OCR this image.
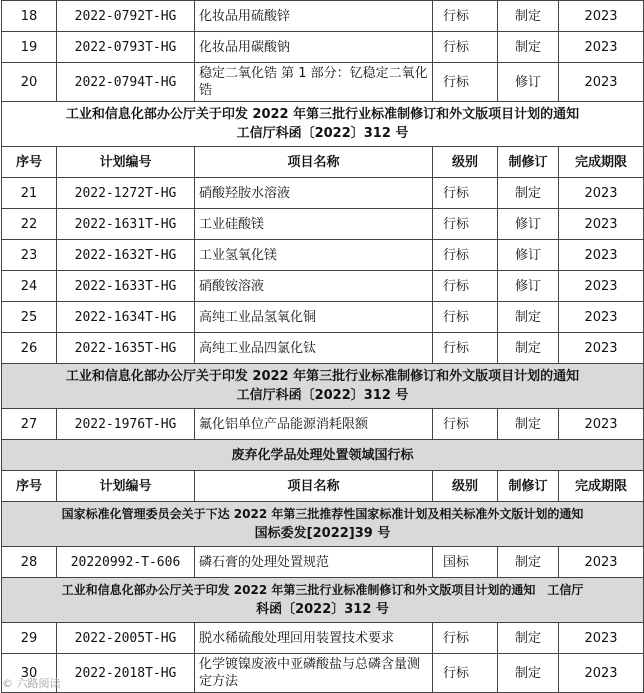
18	2022-0792T-HG	化妆品用硫酸锌	行标	制定	2023
19	2022-0793T-HG	化妆品用碳酸钠	行标	制定	2023
20	2022-0794T-HG	稳定二氧化锆 第 1 部分：钇稳定二氧化锆	行标	修订	2023

工业和信息化部办公厅关于印发 2022 年第三批行业标准制修订和外文版项目计划的通知
工信厅科函〔2022〕312 号					

序号	计划编号	项目名称	级别	制修订	完成期限
21	2022-1272T-HG	硝酸羟胺水溶液	行标	制定	2023
22	2022-1631T-HG	工业硅酸镁	行标	修订	2023
23	2022-1632T-HG	工业氢氧化镁	行标	修订	2023
24	2022-1633T-HG	硝酸铵溶液	行标	修订	2023
25	2022-1634T-HG	高纯工业品氢氧化铜	行标	制定	2023
26	2022-1635T-HG	高纯工业品四氯化钛	行标	制定	2023

工业和信息化部办公厅关于印发 2022 年第三批行业标准制修订和外文版项目计划的通知
工信厅科函〔2022〕312 号					

27	2022-1976T-HG	氟化铝单位产品能源消耗限额	行标	制定	2023
废弃化学品处理处置领域国行标					
序号	计划编号	项目名称	级别	制修订	完成期限

国家标准化管理委员会关于下达 2022 年第三批推荐性国家标准计划及相关标准外文版计划的通知
国标委发[2022]39 号					

28	20220992-T-606	磷石膏的处理处置规范	国标	制定	2023

工业和信息化部办公厅关于印发 2022 年第三批行业标准制修订和外文版项目计划的通知　工信厅
科函〔2022〕312 号					

29	2022-2005T-HG	脱水稀硫酸处理回用装置技术要求	行标	制定	2023
30	2022-2018T-HG	化学镀镍废液中亚磷酸盐与总磷含量测定方法	行标	制定	2023
© 六路阅读
